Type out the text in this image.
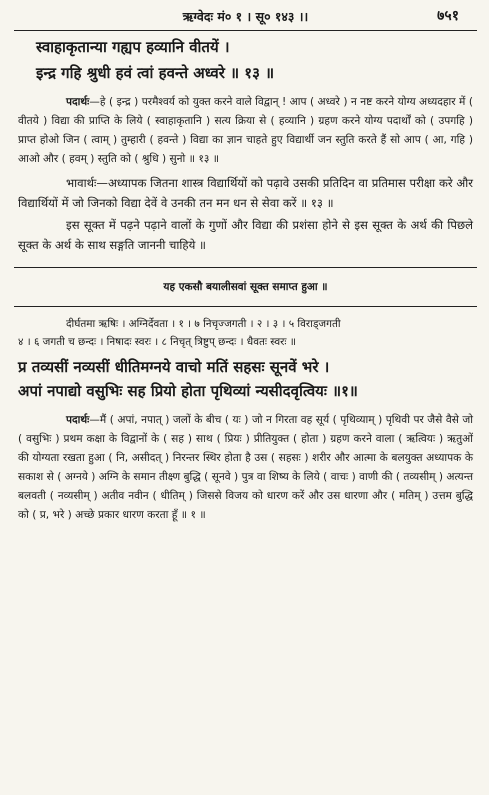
ऋग्वेदः मं० १ । सू० १४३ ।।	७५१
स्वाहाकृतान्या गह्यप हव्यानि वीतयें ।
इन्द्र गहि श्रुधी हवं त्वां हवन्ते अध्वरे ॥ १३ ॥

पदार्थः—हे ( इन्द्र ) परमैश्वर्य को युक्त करने वाले विद्वान् ! आप ( अध्वरे ) न नष्ट करने योग्य अध्यदहार में ( वीतये ) विद्या की प्राप्ति के लिये ( स्वाहाकृतानि ) सत्य क्रिया से ( हव्यानि ) ग्रहण करने योग्य पदार्थों को ( उपगहि ) प्राप्त होओ जिन ( त्वाम् ) तुम्हारी ( हवन्ते ) विद्या का ज्ञान चाहते हुए विद्यार्थी जन स्तुति करते हैं सो आप ( आ, गहि ) आओ और ( हवम् ) स्तुति को ( श्रुधि ) सुनो ॥ १३ ॥

भावार्थः—अध्यापक जितना शास्त्र विद्यार्थियों को पढ़ावे उसकी प्रतिदिन वा प्रतिमास परीक्षा करे और विद्यार्थियों में जो जिनको विद्या देवें वे उनकी तन मन धन से सेवा करें ॥ १३ ॥

इस सूक्त में पढ़ने पढ़ाने वालों के गुणों और विद्या की प्रशंसा होने से इस सूक्त के अर्थ की पिछले सूक्त के अर्थ के साथ सङ्गति जाननी चाहिये ॥

यह एकसौ बयालीसवां सूक्त समाप्त हुआ ॥
दीर्घतमा ऋषिः । अग्निर्देवता । १ । ७ निचृज्जगती । २ । ३ । ५ विराड्जगती
४ । ६ जगती च छन्दः । निषादः स्वरः । ८ निचृत् त्रिष्टुप् छन्दः । धैवतः स्वरः ॥
प्र तव्यसीं नव्यसीं धीतिमग्नये वाचो मतिं सहसः सूनवें भरे ।
अपां नपाद्यो वसुभिः सह प्रियो होता पृथिव्यां न्यसीदवृत्वियः ॥१॥

पदार्थः—मैं ( अपां, नपात् ) जलों के बीच ( यः ) जो न गिरता वह सूर्य ( पृथिव्याम् ) पृथिवी पर जैसे वैसे जो ( वसुभिः ) प्रथम कक्षा के विद्वानों के ( सह ) साथ ( प्रियः ) प्रीतियुक्त ( होता ) ग्रहण करने वाला ( ऋत्वियः ) ऋतुओं की योग्यता रखता हुआ ( नि, असीदत् ) निरन्तर स्थिर होता है उस ( सहसः ) शरीर और आत्मा के बलयुक्त अध्यापक के सकाश से ( अग्नये ) अग्नि के समान तीक्ष्ण बुद्धि ( सूनवे ) पुत्र वा शिष्य के लिये ( वाचः ) वाणी की ( तव्यसीम् ) अत्यन्त बलवती ( नव्यसीम् ) अतीव नवीन ( धीतिम् ) जिससे विजय को धारण करें और उस धारणा और ( मतिम् ) उत्तम बुद्धि को ( प्र, भरे ) अच्छे प्रकार धारण करता हूँ ॥ १ ॥
